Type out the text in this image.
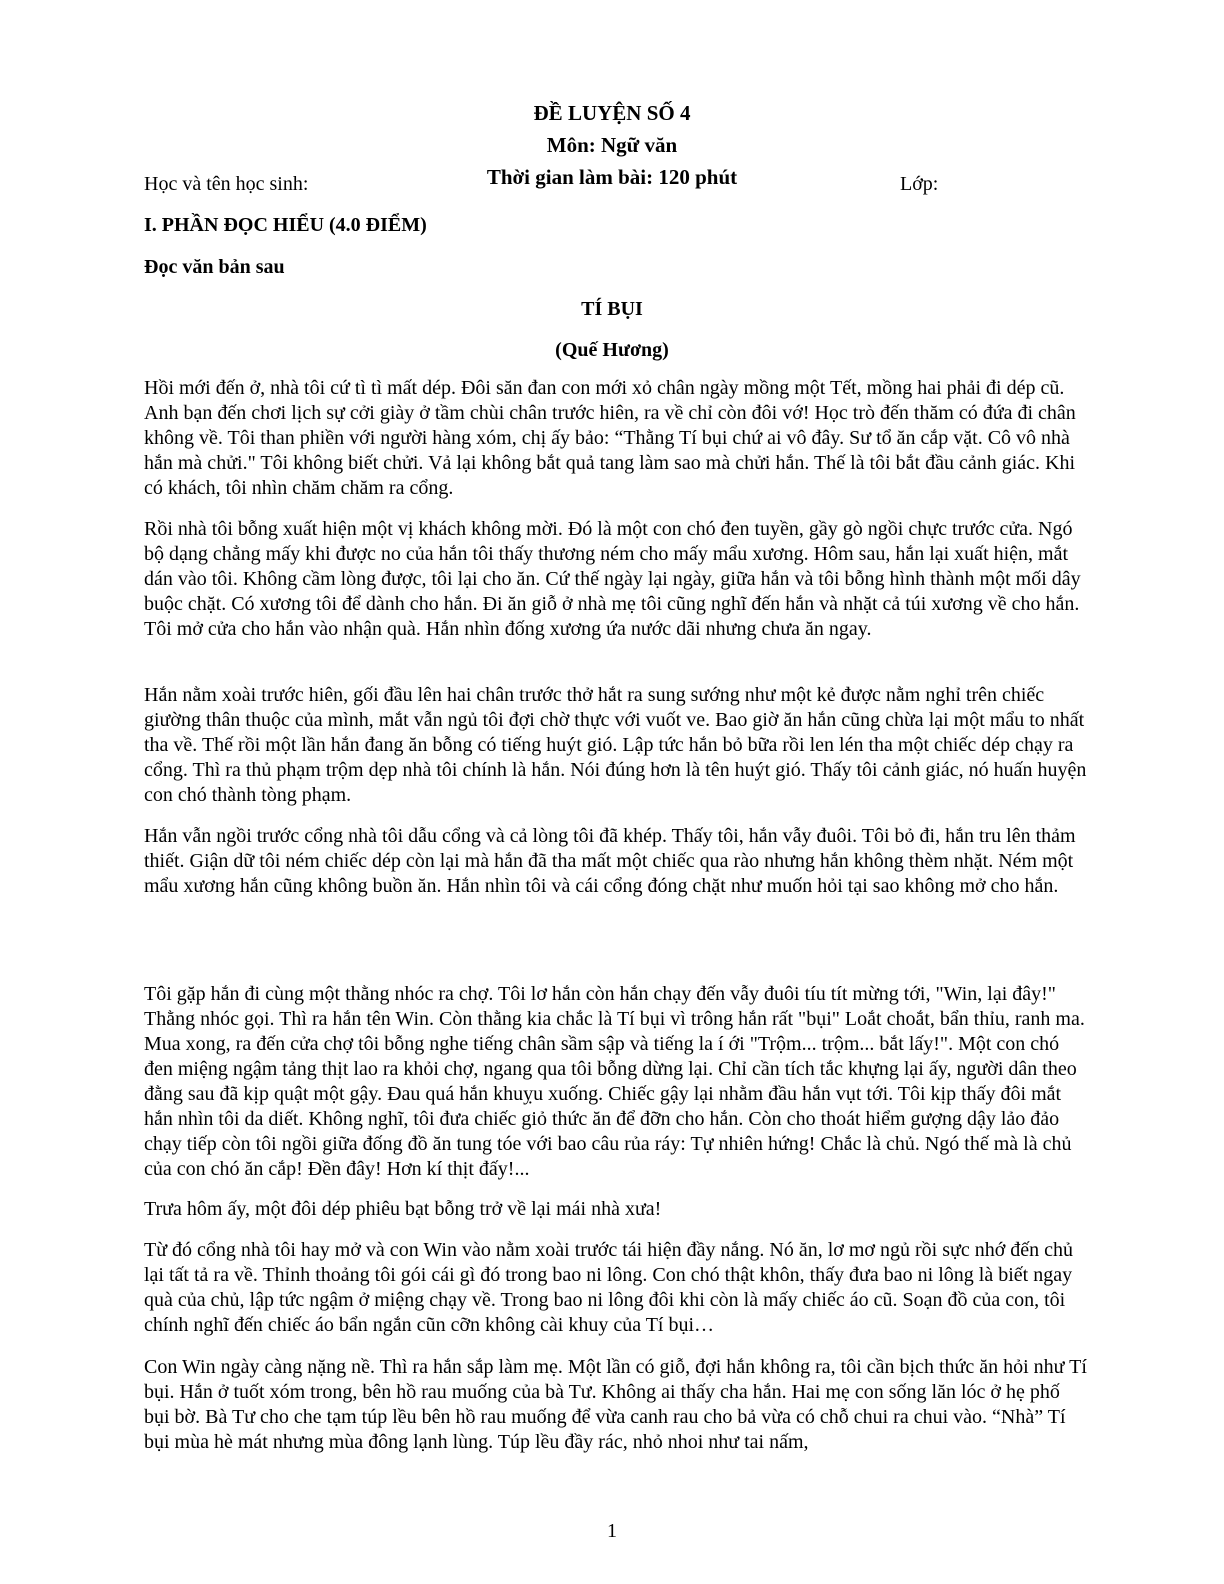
ĐỀ LUYỆN SỐ 4
Môn: Ngữ văn
Thời gian làm bài: 120 phút
Học và tên học sinh:	Lớp:
I. PHẦN ĐỌC HIỂU (4.0 ĐIỂM)
Đọc văn bản sau
TÍ BỤI
(Quế Hương)

Hồi mới đến ở, nhà tôi cứ tì tì mất dép. Đôi săn đan con mới xỏ chân ngày mồng một Tết, mồng hai phải đi dép cũ. Anh bạn đến chơi lịch sự cởi giày ở tầm chùi chân trước hiên, ra về chỉ còn đôi vớ! Học trò đến thăm có đứa đi chân không về. Tôi than phiền với người hàng xóm, chị ấy bảo: “Thằng Tí bụi chứ ai vô đây. Sư tổ ăn cắp vặt. Cô vô nhà hắn mà chửi." Tôi không biết chửi. Vả lại không bắt quả tang làm sao mà chửi hắn. Thế là tôi bắt đầu cảnh giác. Khi có khách, tôi nhìn chăm chăm ra cổng.

Rồi nhà tôi bỗng xuất hiện một vị khách không mời. Đó là một con chó đen tuyền, gầy gò ngồi chực trước cửa. Ngó bộ dạng chẳng mấy khi được no của hắn tôi thấy thương ném cho mấy mẩu xương. Hôm sau, hắn lại xuất hiện, mắt dán vào tôi. Không cầm lòng được, tôi lại cho ăn. Cứ thế ngày lại ngày, giữa hắn và tôi bỗng hình thành một mối dây buộc chặt. Có xương tôi để dành cho hắn. Đi ăn giỗ ở nhà mẹ tôi cũng nghĩ đến hắn và nhặt cả túi xương về cho hắn. Tôi mở cửa cho hắn vào nhận quà. Hắn nhìn đống xương ứa nước dãi nhưng chưa ăn ngay.

Hắn nằm xoài trước hiên, gối đầu lên hai chân trước thở hắt ra sung sướng như một kẻ được nằm nghỉ trên chiếc giường thân thuộc của mình, mắt vẫn ngủ tôi đợi chờ thực với vuốt ve. Bao giờ ăn hắn cũng chừa lại một mẩu to nhất tha về. Thế rồi một lần hắn đang ăn bỗng có tiếng huýt gió. Lập tức hắn bỏ bữa rồi len lén tha một chiếc dép chạy ra cổng. Thì ra thủ phạm trộm dẹp nhà tôi chính là hắn. Nói đúng hơn là tên huýt gió. Thấy tôi cảnh giác, nó huấn huyện con chó thành tòng phạm.

Hắn vẫn ngồi trước cổng nhà tôi dẫu cổng và cả lòng tôi đã khép. Thấy tôi, hắn vẫy đuôi. Tôi bỏ đi, hắn tru lên thảm thiết. Giận dữ tôi ném chiếc dép còn lại mà hắn đã tha mất một chiếc qua rào nhưng hắn không thèm nhặt. Ném một mẩu xương hắn cũng không buồn ăn. Hắn nhìn tôi và cái cổng đóng chặt như muốn hỏi tại sao không mở cho hắn.

Tôi gặp hắn đi cùng một thằng nhóc ra chợ. Tôi lơ hắn còn hắn chạy đến vẫy đuôi tíu tít mừng tới, "Win, lại đây!" Thằng nhóc gọi. Thì ra hắn tên Win. Còn thằng kia chắc là Tí bụi vì trông hắn rất "bụi" Loắt choắt, bẩn thỉu, ranh ma. Mua xong, ra đến cửa chợ tôi bỗng nghe tiếng chân sầm sập và tiếng la í ới "Trộm... trộm... bắt lấy!". Một con chó đen miệng ngậm tảng thịt lao ra khỏi chợ, ngang qua tôi bỗng dừng lại. Chỉ cần tích tắc khựng lại ấy, người dân theo đằng sau đã kịp quật một gậy. Đau quá hắn khuỵu xuống. Chiếc gậy lại nhằm đầu hắn vụt tới. Tôi kịp thấy đôi mắt hắn nhìn tôi da diết. Không nghĩ, tôi đưa chiếc giỏ thức ăn để đỡn cho hắn. Còn cho thoát hiểm gượng dậy lảo đảo chạy tiếp còn tôi ngồi giữa đống đồ ăn tung tóe với bao câu rủa ráy: Tự nhiên hứng! Chắc là chủ. Ngó thế mà là chủ của con chó ăn cắp! Đền đây! Hơn kí thịt đấy!...

Trưa hôm ấy, một đôi dép phiêu bạt bỗng trở về lại mái nhà xưa!

Từ đó cổng nhà tôi hay mở và con Win vào nằm xoài trước tái hiện đầy nắng. Nó ăn, lơ mơ ngủ rồi sực nhớ đến chủ lại tất tả ra về. Thỉnh thoảng tôi gói cái gì đó trong bao ni lông. Con chó thật khôn, thấy đưa bao ni lông là biết ngay quà của chủ, lập tức ngậm ở miệng chạy về. Trong bao ni lông đôi khi còn là mấy chiếc áo cũ. Soạn đồ của con, tôi chính nghĩ đến chiếc áo bẩn ngắn cũn cỡn không cài khuy của Tí bụi…

Con Win ngày càng nặng nề. Thì ra hắn sắp làm mẹ. Một lần có giỗ, đợi hắn không ra, tôi cần bịch thức ăn hỏi như Tí bụi. Hắn ở tuốt xóm trong, bên hồ rau muống của bà Tư. Không ai thấy cha hắn. Hai mẹ con sống lăn lóc ở hẹ phố bụi bờ. Bà Tư cho che tạm túp lều bên hồ rau muống để vừa canh rau cho bả vừa có chỗ chui ra chui vào. “Nhà” Tí bụi mùa hè mát nhưng mùa đông lạnh lùng. Túp lều đầy rác, nhỏ nhoi như tai nấm,

1
